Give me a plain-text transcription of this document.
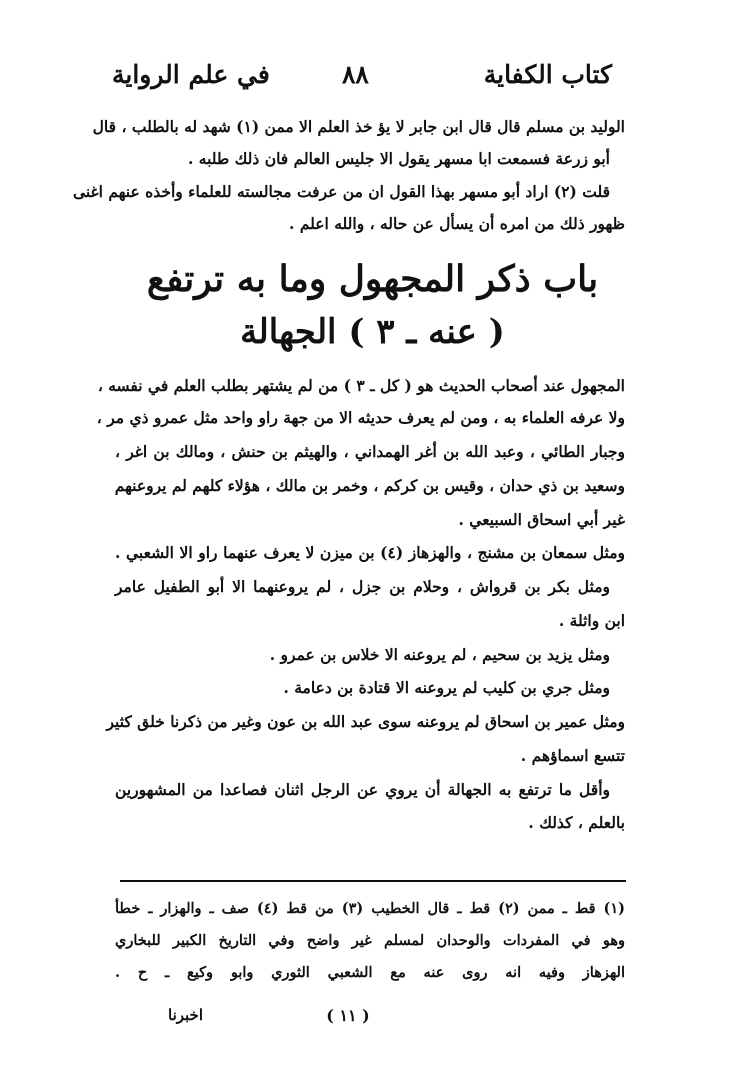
كتاب الكفاية
٨٨
في علم الرواية
الوليد بن مسلم قال قال ابن جابر لا يؤ خذ العلم الا ممن (١) شهد له بالطلب ، قال
أبو زرعة فسمعت ابا مسهر يقول الا جليس العالم فان ذلك طلبه .
قلت (٢) اراد أبو مسهر بهذا القول ان من عرفت مجالسته للعلماء وأخذه عنهم اغنى
ظهور ذلك من امره أن يسأل عن حاله ، والله اعلم .
باب ذكر المجهول وما به ترتفع
( عنه ـ ٣ ) الجهالة
المجهول عند أصحاب الحديث هو ( كل ـ ٣ ) من لم يشتهر بطلب العلم في نفسه ،
ولا عرفه العلماء به ، ومن لم يعرف حديثه الا من جهة راو واحد مثل عمرو ذي مر ،
وجبار الطائي ، وعبد الله بن أغر الهمداني ، والهيثم بن حنش ، ومالك بن اغر ،
وسعيد بن ذي حدان ، وقيس بن كركم ، وخمر بن مالك ، هؤلاء كلهم لم يروعنهم
غير أبي اسحاق السبيعي .
ومثل سمعان بن مشنج ، والهزهاز (٤) بن ميزن لا يعرف عنهما راو الا الشعبي .
ومثل بكر بن قرواش ، وحلام بن جزل ، لم يروعنهما الا أبو الطفيل عامر
ابن واثلة .
ومثل يزيد بن سحيم ، لم يروعنه الا خلاس بن عمرو .
ومثل جري بن كليب لم يروعنه الا قتادة بن دعامة .
ومثل عمير بن اسحاق لم يروعنه سوى عبد الله بن عون وغير من ذكرنا خلق كثير
تتسع اسماؤهم .
وأقل ما ترتفع به الجهالة أن يروي عن الرجل اثنان فصاعدا من المشهورين
بالعلم ، كذلك .
(١) قط ـ ممن (٢) قط ـ قال الخطيب (٣) من قط (٤) صف ـ والهزار ـ خطأ
وهو في المفردات والوحدان لمسلم غير واضح وفي التاريخ الكبير للبخاري
الهزهاز وفيه انه روى عنه مع الشعبي الثوري وابو وكيع ـ ح .
( ١١ )
اخبرنا
